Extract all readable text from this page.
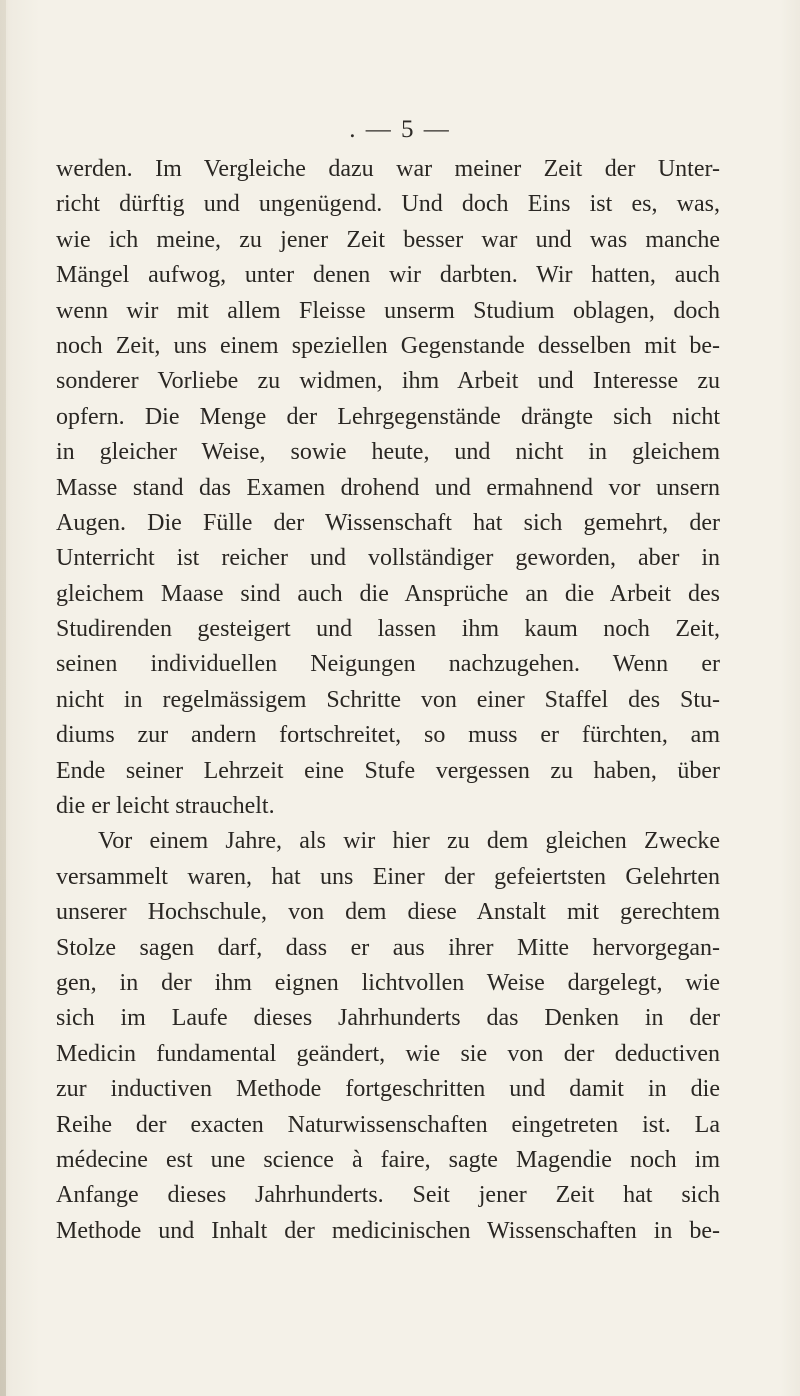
. — 5 —
werden. Im Vergleiche dazu war meiner Zeit der Unter-
richt dürftig und ungenügend. Und doch Eins ist es, was,
wie ich meine, zu jener Zeit besser war und was manche
Mängel aufwog, unter denen wir darbten. Wir hatten, auch
wenn wir mit allem Fleisse unserm Studium oblagen, doch
noch Zeit, uns einem speziellen Gegenstande desselben mit be-
sonderer Vorliebe zu widmen, ihm Arbeit und Interesse zu
opfern. Die Menge der Lehrgegenstände drängte sich nicht
in gleicher Weise, sowie heute, und nicht in gleichem
Masse stand das Examen drohend und ermahnend vor unsern
Augen. Die Fülle der Wissenschaft hat sich gemehrt, der
Unterricht ist reicher und vollständiger geworden, aber in
gleichem Maase sind auch die Ansprüche an die Arbeit des
Studirenden gesteigert und lassen ihm kaum noch Zeit,
seinen individuellen Neigungen nachzugehen. Wenn er
nicht in regelmässigem Schritte von einer Staffel des Stu-
diums zur andern fortschreitet, so muss er fürchten, am
Ende seiner Lehrzeit eine Stufe vergessen zu haben, über
die er leicht strauchelt.
Vor einem Jahre, als wir hier zu dem gleichen Zwecke
versammelt waren, hat uns Einer der gefeiertsten Gelehrten
unserer Hochschule, von dem diese Anstalt mit gerechtem
Stolze sagen darf, dass er aus ihrer Mitte hervorgegan-
gen, in der ihm eignen lichtvollen Weise dargelegt, wie
sich im Laufe dieses Jahrhunderts das Denken in der
Medicin fundamental geändert, wie sie von der deductiven
zur inductiven Methode fortgeschritten und damit in die
Reihe der exacten Naturwissenschaften eingetreten ist. La
médecine est une science à faire, sagte Magendie noch im
Anfange dieses Jahrhunderts. Seit jener Zeit hat sich
Methode und Inhalt der medicinischen Wissenschaften in be-
